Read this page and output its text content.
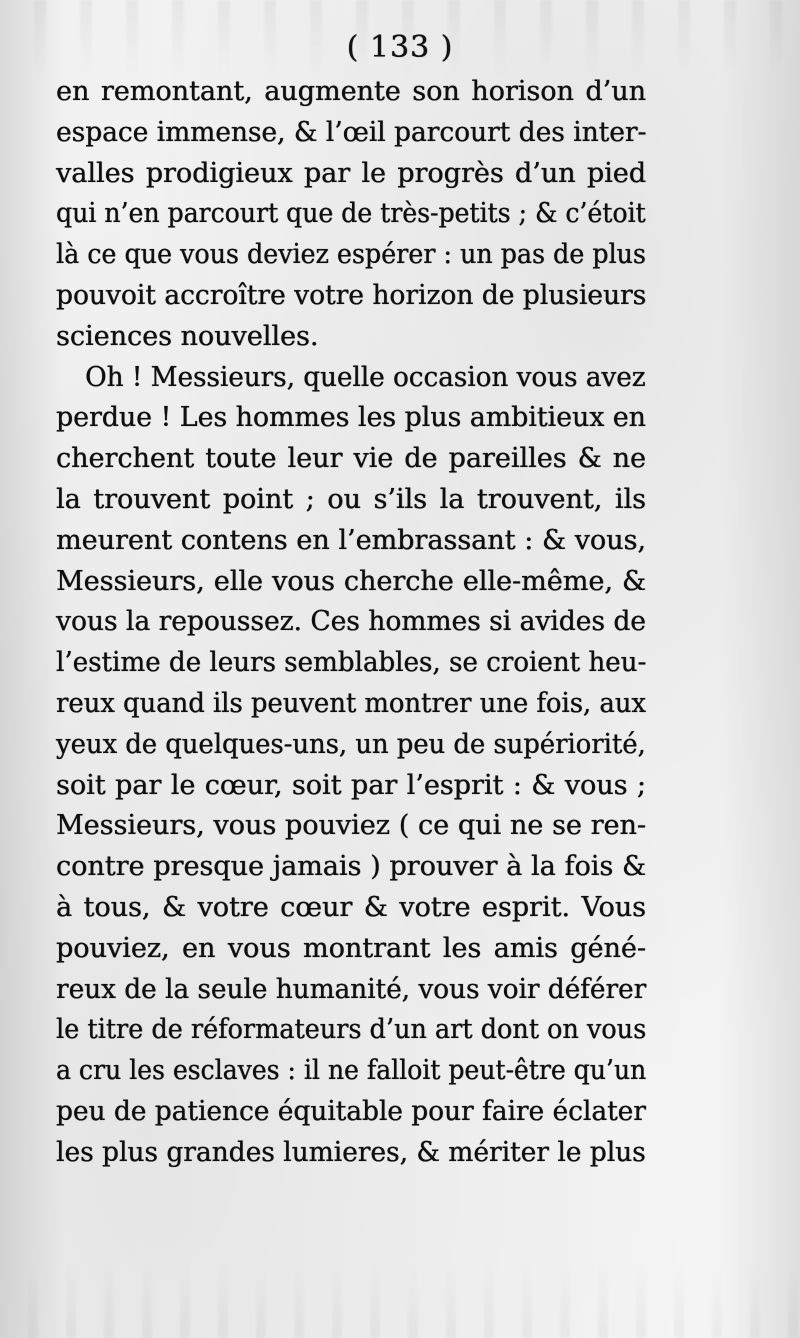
( 133 )
en remontant, augmente son horison d’un
espace immense, & l’œil parcourt des inter-
valles prodigieux par le progrès d’un pied
qui n’en parcourt que de très-petits ; & c’étoit
là ce que vous deviez espérer : un pas de plus
pouvoit accroître votre horizon de plusieurs
sciences nouvelles.
Oh ! Messieurs, quelle occasion vous avez
perdue ! Les hommes les plus ambitieux en
cherchent toute leur vie de pareilles & ne
la trouvent point ; ou s’ils la trouvent, ils
meurent contens en l’embrassant : & vous,
Messieurs, elle vous cherche elle-même, &
vous la repoussez. Ces hommes si avides de
l’estime de leurs semblables, se croient heu-
reux quand ils peuvent montrer une fois, aux
yeux de quelques-uns, un peu de supériorité,
soit par le cœur, soit par l’esprit : & vous ;
Messieurs, vous pouviez ( ce qui ne se ren-
contre presque jamais ) prouver à la fois &
à tous, & votre cœur & votre esprit. Vous
pouviez, en vous montrant les amis géné-
reux de la seule humanité, vous voir déférer
le titre de réformateurs d’un art dont on vous
a cru les esclaves : il ne falloit peut-être qu’un
peu de patience équitable pour faire éclater
les plus grandes lumieres, & mériter le plus
